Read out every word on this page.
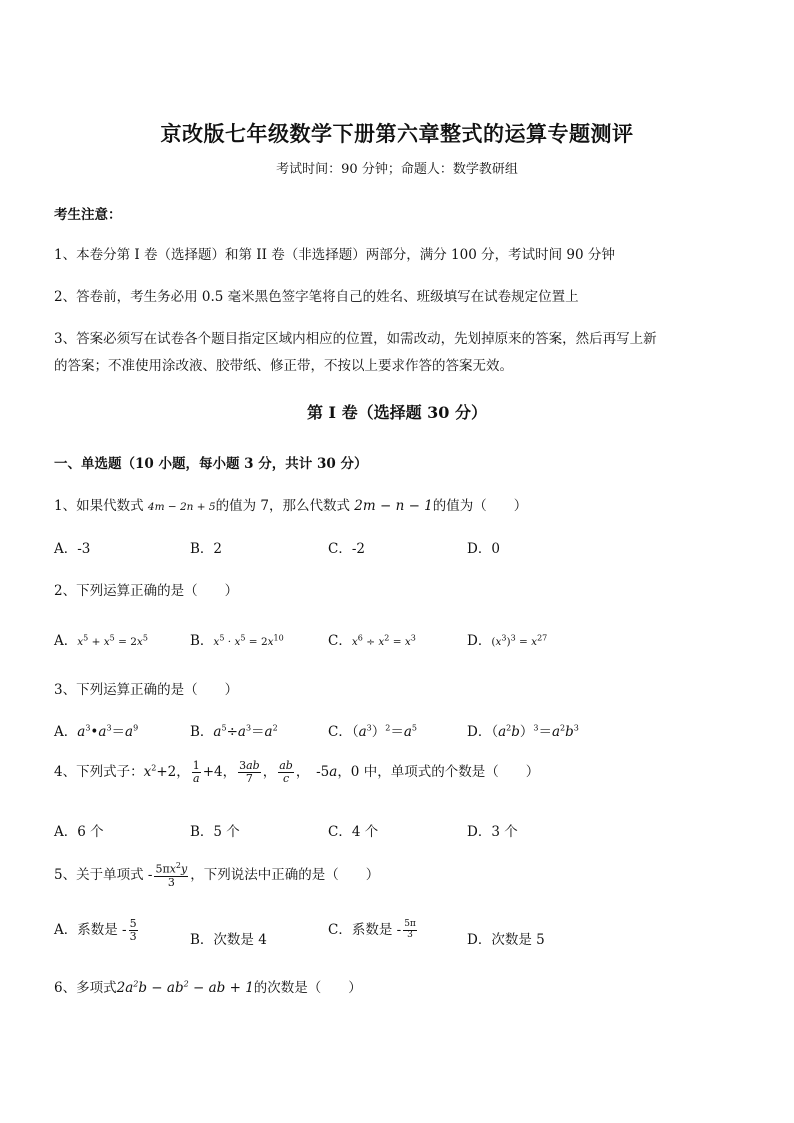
京改版七年级数学下册第六章整式的运算专题测评
考试时间：90 分钟；命题人：数学教研组
考生注意：
1、本卷分第 I 卷（选择题）和第 II 卷（非选择题）两部分，满分 100 分，考试时间 90 分钟
2、答卷前，考生务必用 0.5 毫米黑色签字笔将自己的姓名、班级填写在试卷规定位置上
3、答案必须写在试卷各个题目指定区域内相应的位置，如需改动，先划掉原来的答案，然后再写上新
的答案；不准使用涂改液、胶带纸、修正带，不按以上要求作答的答案无效。
第 I 卷（选择题 30 分）
一、单选题（10 小题，每小题 3 分，共计 30 分）
1、如果代数式 4m − 2n + 5的值为 7，那么代数式 2m − n − 1的值为（　　）
A．-3	B．2	C．-2	D．0
2、下列运算正确的是（　　）
A．$x^5 + x^5 = 2x^5$	B．$x^5 \cdot x^5 = 2x^{10}$	C．$x^6 \div x^2 = x^3$	D．$(x^3)^3 = x^{27}$
3、下列运算正确的是（　　）
A．$a^3•a^3=a^9$	B．$a^5\div a^3=a^2$	C．$(a^3)^2=a^5$	D．$(a^2b)^3=a^2b^3$
4、下列式子：$x^2+2$， $\frac{1}{a} +4$， $\frac{3ab}{7}$ ， $\frac{ab}{c}$ ，　-5a，0 中，单项式的个数是（　　）
A．6 个	B．5 个	C．4 个	D．3 个
5、关于单项式 - $\frac{5\pi x^2y}{3}$ ，下列说法中正确的是（　　）
A．系数是 - $\frac{5}{3}$	B．次数是 4
C．系数是 - $\frac{5\pi}{3}$	D．次数是 5
6、多项式$2a^2b - ab^2$ − ab + 1的次数是（　　）
